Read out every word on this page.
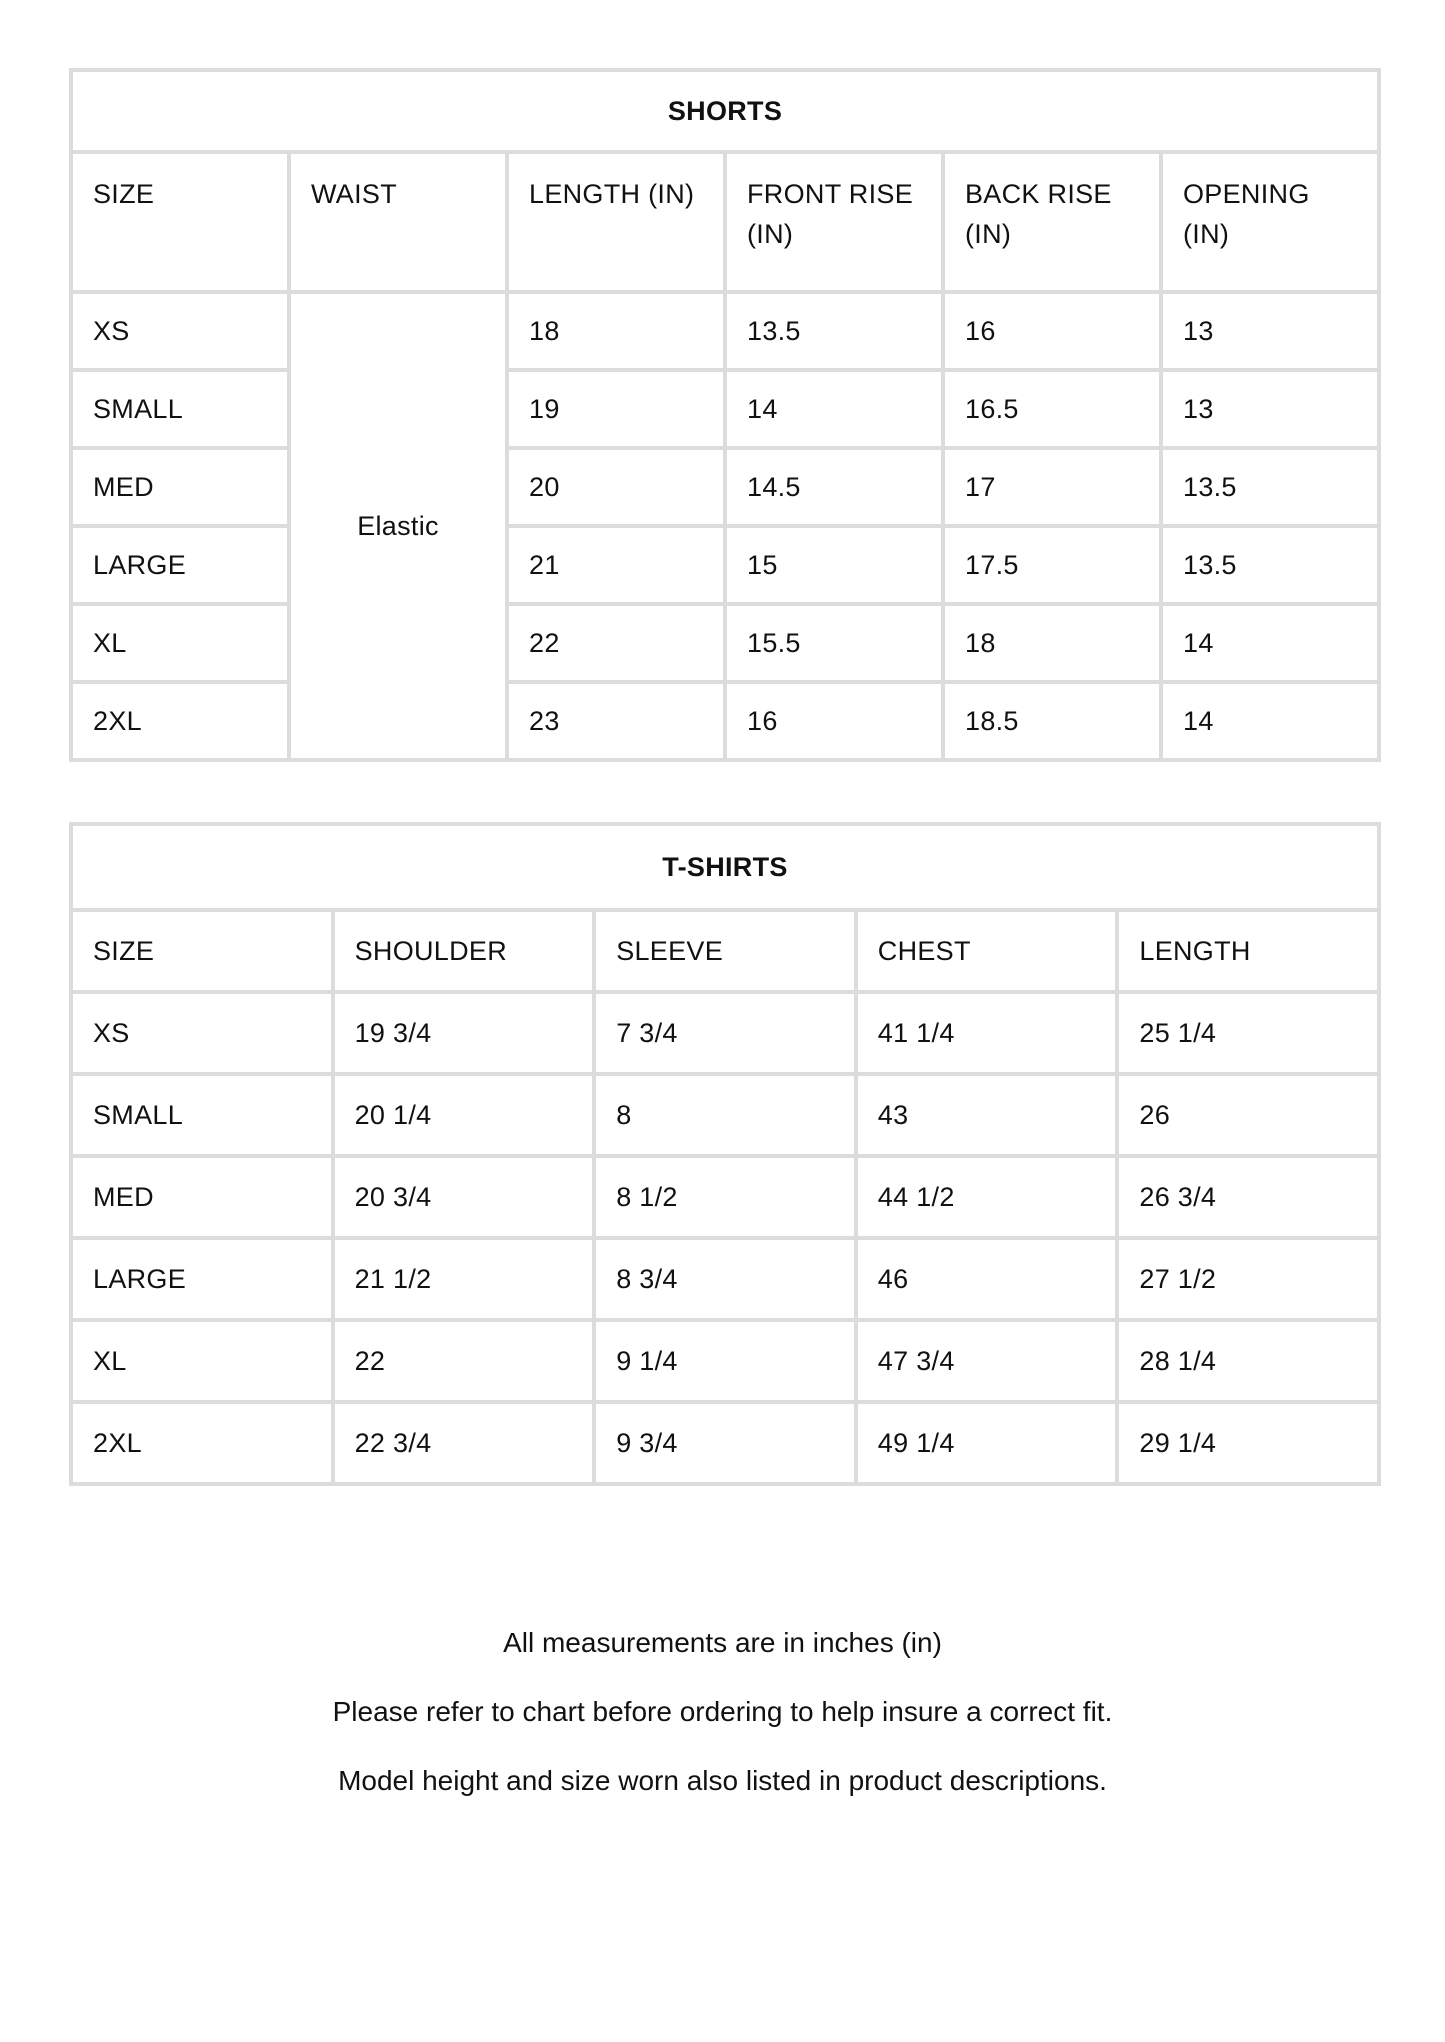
SHORTS					
SIZE	WAIST	LENGTH (IN)	FRONT RISE (IN)	BACK RISE (IN)	OPENING (IN)
XS	Elastic	18	13.5	16	13
SMALL		19	14	16.5	13
MED		20	14.5	17	13.5
LARGE		21	15	17.5	13.5
XL		22	15.5	18	14
2XL		23	16	18.5	14
T-SHIRTS				
SIZE	SHOULDER	SLEEVE	CHEST	LENGTH
XS	19 3/4	7 3/4	41 1/4	25 1/4
SMALL	20 1/4	8	43	26
MED	20 3/4	8 1/2	44 1/2	26 3/4
LARGE	21 1/2	8 3/4	46	27 1/2
XL	22	9 1/4	47 3/4	28 1/4
2XL	22 3/4	9 3/4	49 1/4	29 1/4

All measurements are in inches (in)

Please refer to chart before ordering to help insure a correct fit.

Model height and size worn also listed in product descriptions.
